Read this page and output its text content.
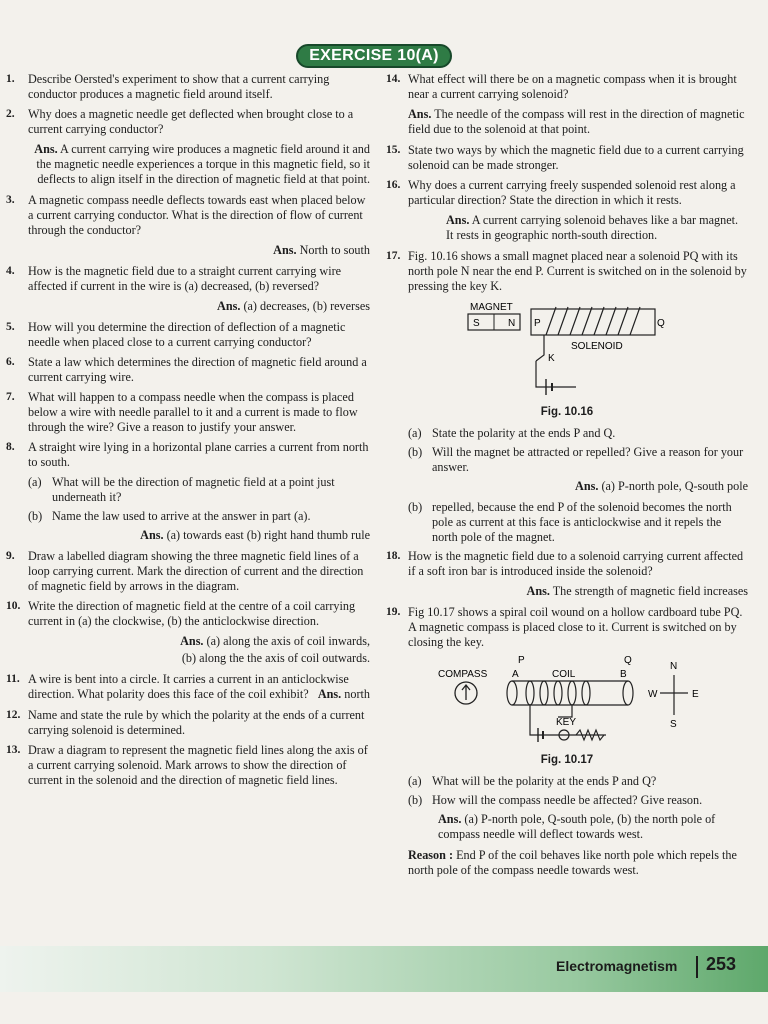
EXERCISE 10(A)
1.	Describe Oersted's experiment to show that a current carrying conductor produces a magnetic field around itself.
2.	Why does a magnetic needle get deflected when brought close to a current carrying conductor?
Ans. A current carrying wire produces a magnetic field around it and the magnetic needle experiences a torque in this magnetic field, so it deflects to align itself in the direction of magnetic field at that point.
3.	A magnetic compass needle deflects towards east when placed below a current carrying conductor. What is the direction of flow of current through the conductor?
Ans. North to south
4.	How is the magnetic field due to a straight current carrying wire affected if current in the wire is (a) decreased, (b) reversed?
Ans. (a) decreases, (b) reverses
5.	How will you determine the direction of deflection of a magnetic needle when placed close to a current carrying conductor?
6.	State a law which determines the direction of magnetic field around a current carrying wire.
7.	What will happen to a compass needle when the compass is placed below a wire with needle parallel to it and a current is made to flow through the wire? Give a reason to justify your answer.
8.	A straight wire lying in a horizontal plane carries a current from north to south.
(a) What will be the direction of magnetic field at a point just underneath it?
(b) Name the law used to arrive at the answer in part (a).
Ans. (a) towards east (b) right hand thumb rule
9.	Draw a labelled diagram showing the three magnetic field lines of a loop carrying current. Mark the direction of current and the direction of magnetic field by arrows in the diagram.
10. Write the direction of magnetic field at the centre of a coil carrying current in (a) the clockwise, (b) the anticlockwise direction.
Ans. (a) along the axis of coil inwards,
(b) along the the axis of coil outwards.
11. A wire is bent into a circle. It carries a current in an anticlockwise direction. What polarity does this face of the coil exhibit? Ans. north
12. Name and state the rule by which the polarity at the ends of a current carrying solenoid is determined.
13. Draw a diagram to represent the magnetic field lines along the axis of a current carrying solenoid. Mark arrows to show the direction of current in the solenoid and the direction of magnetic field lines.
14. What effect will there be on a magnetic compass when it is brought near a current carrying solenoid?
Ans. The needle of the compass will rest in the direction of magnetic field due to the solenoid at that point.
15. State two ways by which the magnetic field due to a current carrying solenoid can be made stronger.
16. Why does a current carrying freely suspended solenoid rest along a particular direction? State the direction in which it rests.
Ans. A current carrying solenoid behaves like a bar magnet. It rests in geographic north-south direction.
17. Fig. 10.16 shows a small magnet placed near a solenoid PQ with its north pole N near the end P. Current is switched on in the solenoid by pressing the key K.
MAGNET
S	N P	Q
SOLENOID
K
Fig. 10.16
(a) State the polarity at the ends P and Q.
(b) Will the magnet be attracted or repelled? Give a reason for your answer.
Ans. (a) P-north pole, Q-south pole
(b) repelled, because the end P of the solenoid becomes the north pole as current at this face is anticlockwise and it repels the north pole of the magnet.
18. How is the magnetic field due to a solenoid carrying current affected if a soft iron bar is introduced inside the solenoid?
Ans. The strength of magnetic field increases
19. Fig 10.17 shows a spiral coil wound on a hollow cardboard tube PQ. A magnetic compass is placed close to it. Current is switched on by closing the key.
P	Q
COMPASS A	COIL	B
KEY
N
W	E
S
Fig. 10.17
(a) What will be the polarity at the ends P and Q?
(b) How will the compass needle be affected? Give reason.
Ans. (a) P-north pole, Q-south pole, (b) the north pole of compass needle will deflect towards west.
Reason : End P of the coil behaves like north pole which repels the north pole of the compass needle towards west.
Electromagnetism 253
